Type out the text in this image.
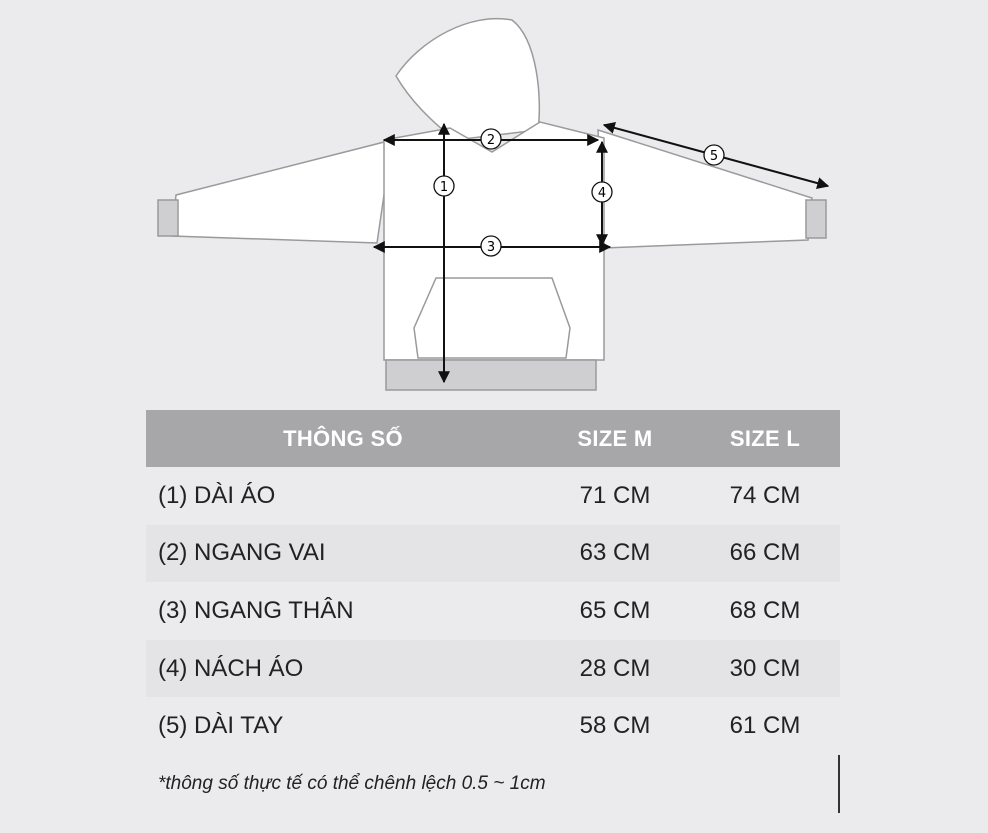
1
2
3
4
5
THÔNG SỐ	SIZE M	SIZE L
(1) DÀI ÁO	71 CM	74 CM
(2) NGANG VAI	63 CM	66 CM
(3) NGANG THÂN	65 CM	68 CM
(4) NÁCH ÁO	28 CM	30 CM
(5) DÀI TAY	58 CM	61 CM
*thông số thực tế có thể chênh lệch 0.5 ~ 1cm
